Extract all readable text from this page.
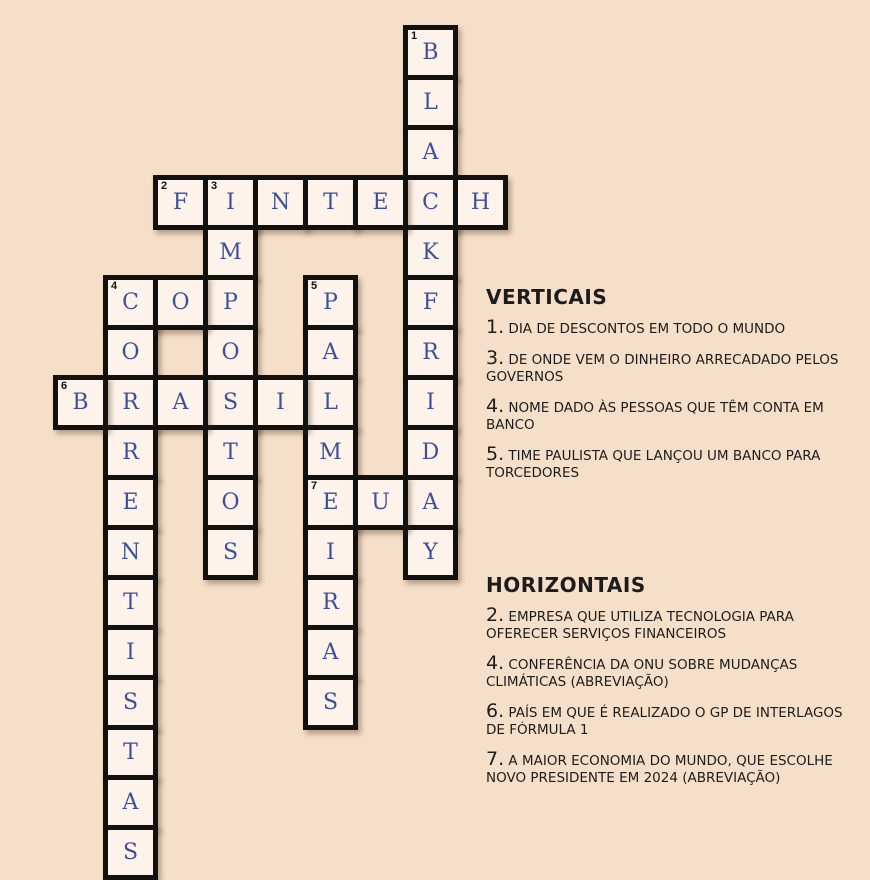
1
B
L
A
C
K
F
R
I
D
A
Y
2
F
3
I N T E	H
M
P
O
S
T
O
S
4
C
O
R
R
E
N
T
I
S
T
A
S
O
5
P
A
L
M
7
E
I
R
A
S
6
B	A	I
U
VERTICAIS
1. DIA DE DESCONTOS EM TODO O MUNDO
3. DE ONDE VEM O DINHEIRO ARRECADADO PELOS GOVERNOS
4. NOME DADO ÀS PESSOAS QUE TÊM CONTA EM BANCO
5. TIME PAULISTA QUE LANÇOU UM BANCO PARA TORCEDORES
HORIZONTAIS
2. EMPRESA QUE UTILIZA TECNOLOGIA PARA OFERECER SERVIÇOS FINANCEIROS
4. CONFERÊNCIA DA ONU SOBRE MUDANÇAS CLIMÁTICAS (ABREVIAÇÃO)
6. PAÍS EM QUE É REALIZADO O GP DE INTERLAGOS DE FÓRMULA 1
7. A MAIOR ECONOMIA DO MUNDO, QUE ESCOLHE NOVO PRESIDENTE EM 2024 (ABREVIAÇÃO)
